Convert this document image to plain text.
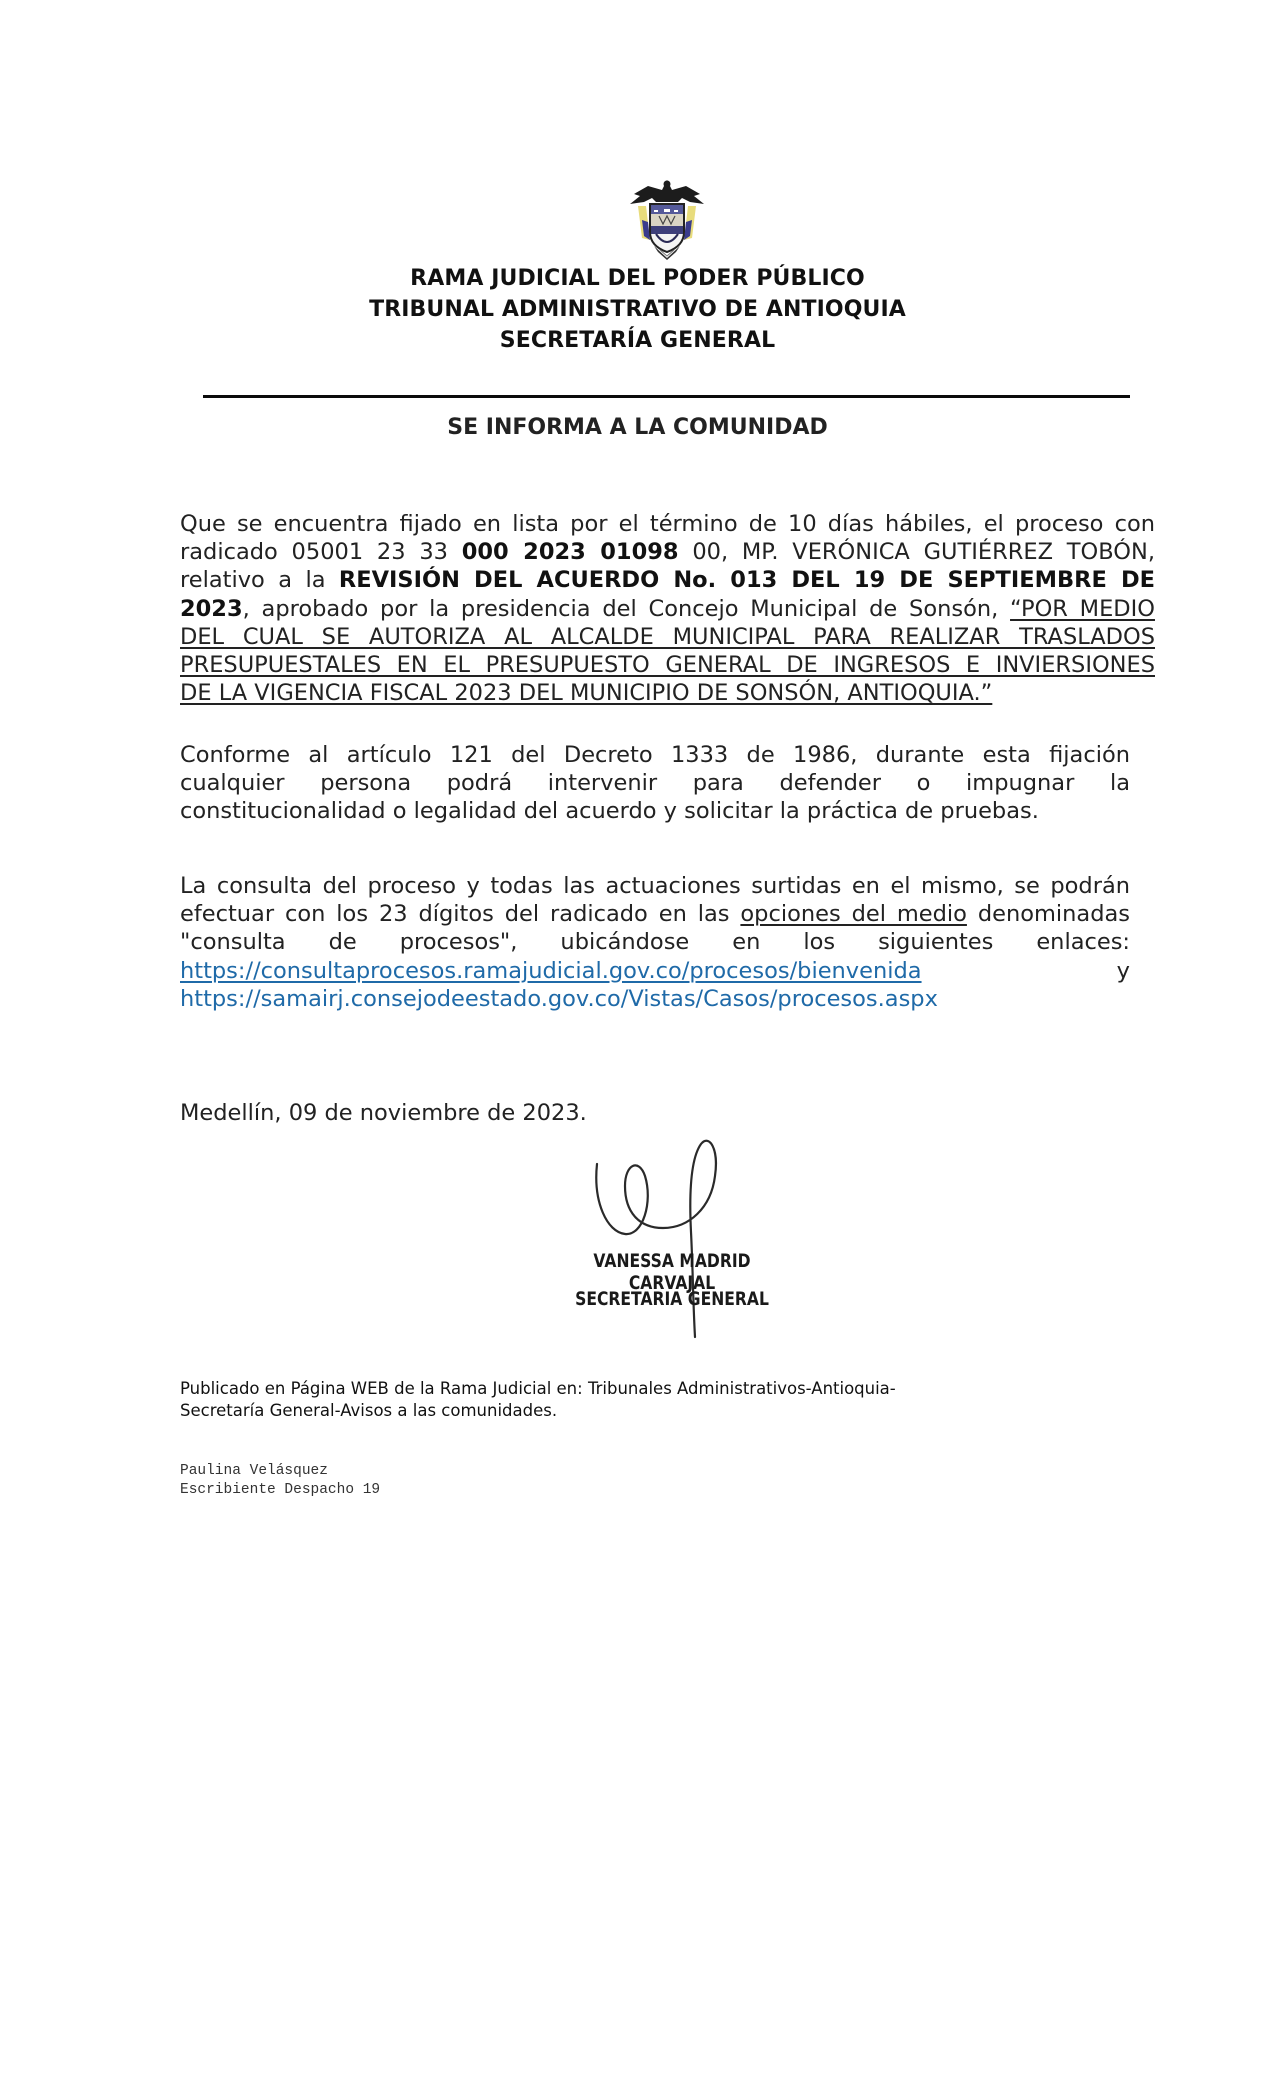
RAMA JUDICIAL DEL PODER PÚBLICO
TRIBUNAL ADMINISTRATIVO DE ANTIOQUIA
SECRETARÍA GENERAL
SE INFORMA A LA COMUNIDAD
Que se encuentra fijado en lista por el término de 10 días hábiles, el proceso con
radicado 05001 23 33 000 2023 01098 00, MP. VERÓNICA GUTIÉRREZ TOBÓN,
relativo a la REVISIÓN DEL ACUERDO No. 013 DEL 19 DE SEPTIEMBRE DE
2023, aprobado por la presidencia del Concejo Municipal de Sonsón, “POR MEDIO
DEL CUAL SE AUTORIZA AL ALCALDE MUNICIPAL PARA REALIZAR TRASLADOS
PRESUPUESTALES EN EL PRESUPUESTO GENERAL DE INGRESOS E INVIERSIONES
DE LA VIGENCIA FISCAL 2023 DEL MUNICIPIO DE SONSÓN, ANTIOQUIA.”
Conforme al artículo 121 del Decreto 1333 de 1986, durante esta fijación
cualquier persona podrá intervenir para defender o impugnar la
constitucionalidad o legalidad del acuerdo y solicitar la práctica de pruebas.
La consulta del proceso y todas las actuaciones surtidas en el mismo, se podrán
efectuar con los 23 dígitos del radicado en las opciones del medio denominadas
"consulta de procesos", ubicándose en los siguientes enlaces:
https://consultaprocesos.ramajudicial.gov.co/procesos/bienvenida	y
https://samairj.consejodeestado.gov.co/Vistas/Casos/procesos.aspx
Medellín, 09 de noviembre de 2023.
VANESSA MADRID CARVAJAL
SECRETARIA GENERAL
Publicado en Página WEB de la Rama Judicial en: Tribunales Administrativos-Antioquia-
Secretaría General-Avisos a las comunidades.
Paulina Velásquez
Escribiente Despacho 19
